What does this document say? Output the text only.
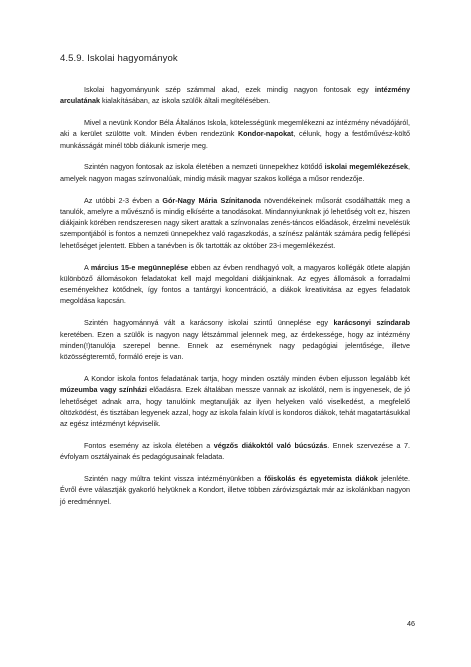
4.5.9. Iskolai hagyományok

Iskolai hagyományunk szép számmal akad, ezek mindig nagyon fontosak egy intézmény arculatának kialakításában, az iskola szülők általi megítélésében.

Mivel a nevünk Kondor Béla Általános Iskola, kötelességünk megemlékezni az intézmény névadójáról, aki a kerület szülötte volt. Minden évben rendezünk Kondor-napokat, célunk, hogy a festőművész-költő munkásságát minél több diákunk ismerje meg.

Szintén nagyon fontosak az iskola életében a nemzeti ünnepekhez kötődő iskolai megemlékezések, amelyek nagyon magas színvonalúak, mindig másik magyar szakos kolléga a műsor rendezője.

Az utóbbi 2-3 évben a Gór-Nagy Mária Színitanoda növendékeinek műsorát csodálhatták meg a tanulók, amelyre a művésznő is mindig elkísérte a tanodásokat. Mindannyiunknak jó lehetőség volt ez, hiszen diákjaink körében rendszeresen nagy sikert arattak a színvonalas zenés-táncos előadások, érzelmi nevelésük szempontjából is fontos a nemzeti ünnepekhez való ragaszkodás, a színész palánták számára pedig fellépési lehetőséget jelentett. Ebben a tanévben is ők tartották az október 23-i megemlékezést.

A március 15-e megünneplése ebben az évben rendhagyó volt, a magyaros kollégák ötlete alapján különböző állomásokon feladatokat kell majd megoldani diákjainknak. Az egyes állomások a forradalmi eseményekhez kötődnek, így fontos a tantárgyi koncentráció, a diákok kreativitása az egyes feladatok megoldása kapcsán.

Szintén hagyománnyá vált a karácsony iskolai szintű ünneplése egy karácsonyi színdarab keretében. Ezen a szülők is nagyon nagy létszámmal jelennek meg, az érdekessége, hogy az intézmény minden(!)tanulója szerepel benne. Ennek az eseménynek nagy pedagógiai jelentősége, illetve közösségteremtő, formáló ereje is van.

A Kondor iskola fontos feladatának tartja, hogy minden osztály minden évben eljusson legalább két múzeumba vagy színházi előadásra. Ezek általában messze vannak az iskolától, nem is ingyenesek, de jó lehetőséget adnak arra, hogy tanulóink megtanulják az ilyen helyeken való viselkedést, a megfelelő öltözködést, és tisztában legyenek azzal, hogy az iskola falain kívül is kondoros diákok, tehát magatartásukkal az egész intézményt képviselik.

Fontos esemény az iskola életében a végzős diákoktól való búcsúzás. Ennek szervezése a 7. évfolyam osztályainak és pedagógusainak feladata.

Szintén nagy múltra tekint vissza intézményünkben a főiskolás és egyetemista diákok jelenléte. Évről évre választják gyakorló helyüknek a Kondort, illetve többen záróvizsgáztak már az iskolánkban nagyon jó eredménnyel.

46
